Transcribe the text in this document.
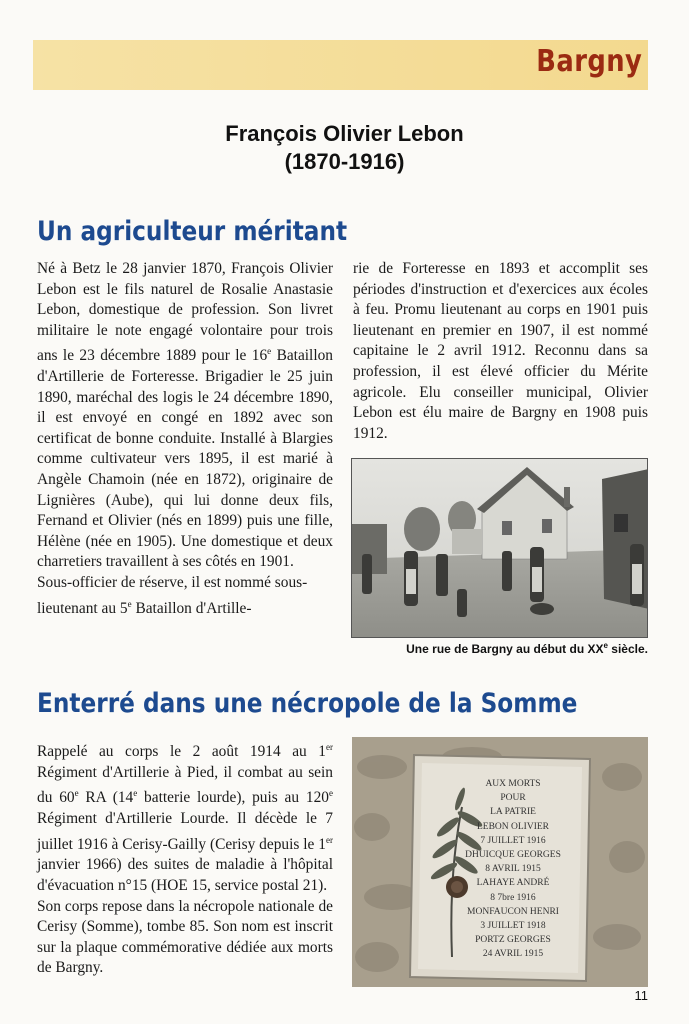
Bargny
François Olivier Lebon
(1870-1916)
Un agriculteur méritant

Né à Betz le 28 janvier 1870, François Olivier Lebon est le fils naturel de Rosalie Anastasie Lebon, domestique de profession. Son livret militaire le note engagé volontaire pour trois ans le 23 décembre 1889 pour le 16e Bataillon d'Artillerie de Forteresse. Brigadier le 25 juin 1890, maréchal des logis le 24 décembre 1890, il est envoyé en congé en 1892 avec son certificat de bonne conduite. Installé à Blargies comme cultivateur vers 1895, il est marié à Angèle Chamoin (née en 1872), originaire de Lignières (Aube), qui lui donne deux fils, Fernand et Olivier (nés en 1899) puis une fille, Hélène (née en 1905). Une domestique et deux charretiers travaillent à ses côtés en 1901.

Sous-officier de réserve, il est nommé sous-lieutenant au 5e Bataillon d'Artille-

rie de Forteresse en 1893 et accomplit ses périodes d'instruction et d'exercices aux écoles à feu. Promu lieutenant au corps en 1901 puis lieutenant en premier en 1907, il est nommé capitaine le 2 avril 1912. Reconnu dans sa profession, il est élevé officier du Mérite agricole. Elu conseiller municipal, Olivier Lebon est élu maire de Bargny en 1908 puis 1912.

Une rue de Bargny au début du XXe siècle.
Enterré dans une nécropole de la Somme

Rappelé au corps le 2 août 1914 au 1er Régiment d'Artillerie à Pied, il combat au sein du 60e RA (14e batterie lourde), puis au 120e Régiment d'Artillerie Lourde. Il décède le 7 juillet 1916 à Cerisy-Gailly (Cerisy depuis le 1er janvier 1966) des suites de maladie à l'hôpital d'évacuation n°15 (HOE 15, service postal 21).

Son corps repose dans la nécropole nationale de Cerisy (Somme), tombe 85. Son nom est inscrit sur la plaque commémorative dédiée aux morts de Bargny.

AUX MORTS
POUR
LA PATRIE
LEBON OLIVIER
7 JUILLET 1916
DHUICQUE GEORGES
8 AVRIL 1915
LAHAYE ANDRÉ
8 7bre 1916
MONFAUCON HENRI
3 JUILLET 1918
PORTZ GEORGES
24 AVRIL 1915
11
